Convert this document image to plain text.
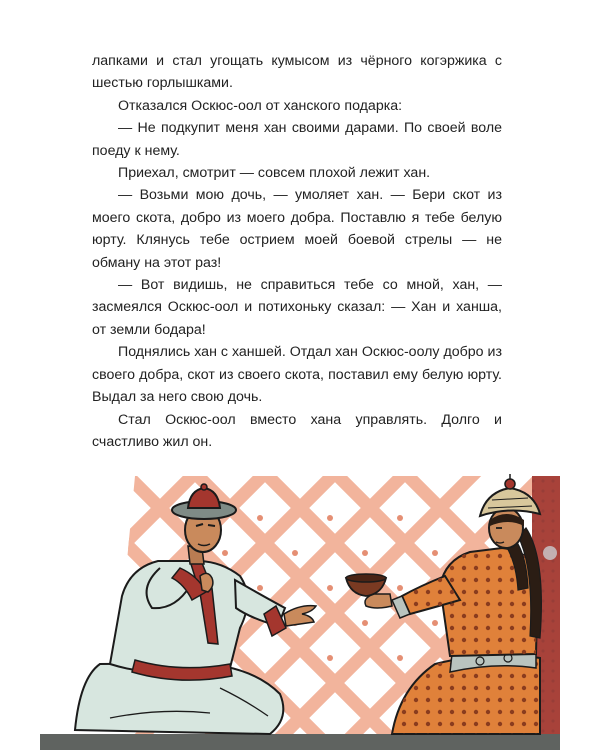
лапками и стал угощать кумысом из чёрного когэржика с шестью горлышками.

Отказался Оскюс-оол от ханского подарка:

— Не подкупит меня хан своими дарами. По своей воле поеду к нему.

Приехал, смотрит — совсем плохой лежит хан.

— Возьми мою дочь, — умоляет хан. — Бери скот из моего скота, добро из моего добра. Поставлю я тебе белую юрту. Клянусь тебе острием моей боевой стрелы — не обману на этот раз!

— Вот видишь, не справиться тебе со мной, хан, — засмеялся Оскюс-оол и потихоньку сказал: — Хан и ханша, от земли бодара!

Поднялись хан с ханшей. Отдал хан Оскюс-оолу добро из своего добра, скот из своего скота, поставил ему белую юрту. Выдал за него свою дочь.

Стал Оскюс-оол вместо хана управлять. Долго и счастливо жил он.
